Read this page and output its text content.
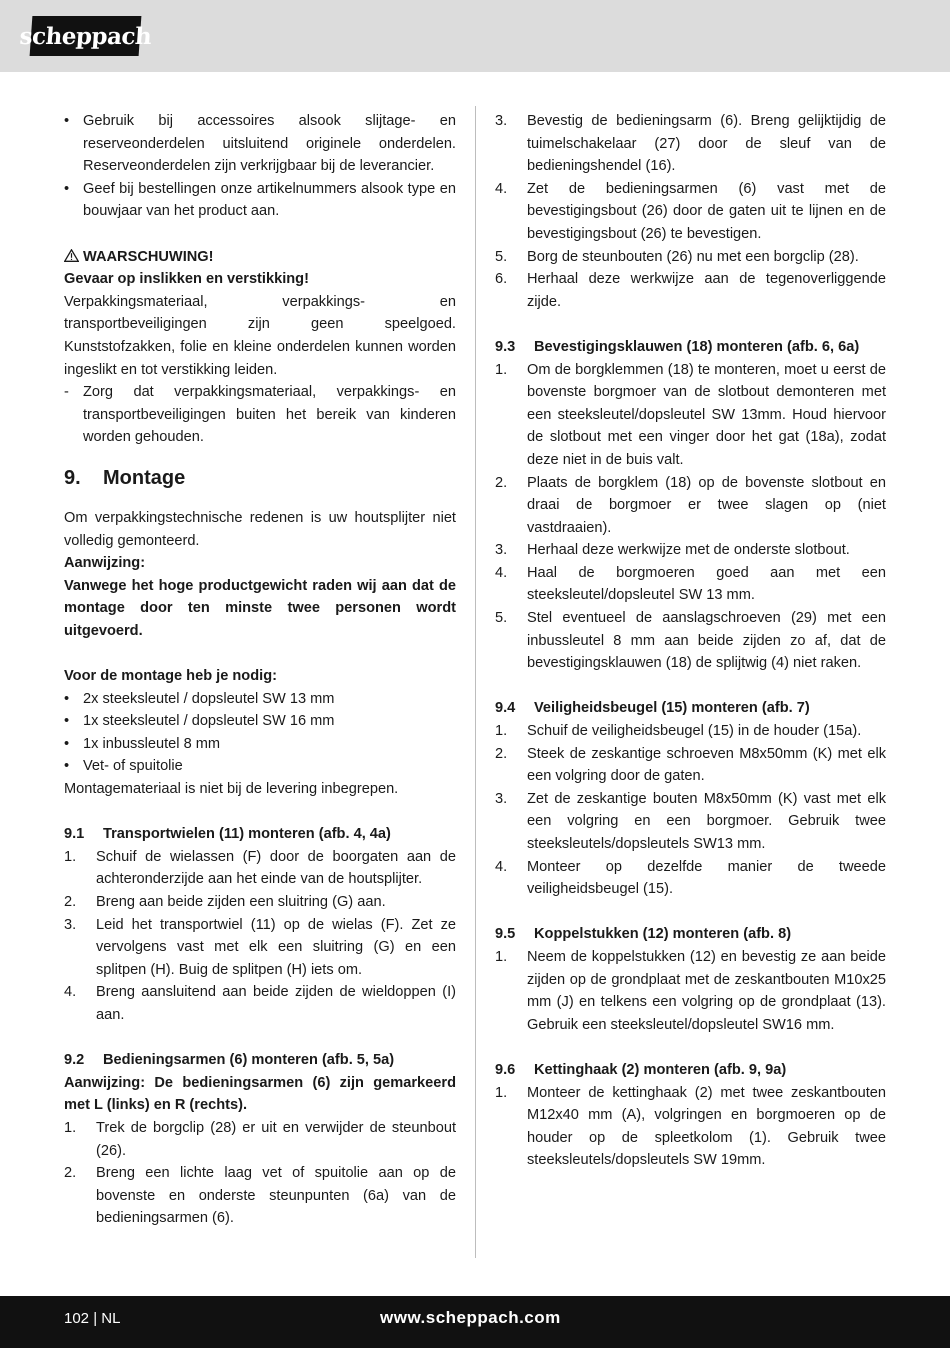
scheppach
• Gebruik bij accessoires alsook slijtage- en reserveonderdelen uitsluitend originele onderdelen. Reserveonderdelen zijn verkrijgbaar bij de leverancier.
• Geef bij bestellingen onze artikelnummers alsook type en bouwjaar van het product aan.
WAARSCHUWING!
Gevaar op inslikken en verstikking!

Verpakkingsmateriaal, verpakkings- en transportbeveiligingen zijn geen speelgoed. Kunststofzakken, folie en kleine onderdelen kunnen worden ingeslikt en tot verstikking leiden.

- Zorg dat verpakkingsmateriaal, verpakkings- en transportbeveiligingen buiten het bereik van kinderen worden gehouden.
9.	Montage

Om verpakkingstechnische redenen is uw houtsplijter niet volledig gemonteerd.

Aanwijzing:

Vanwege het hoge productgewicht raden wij aan dat de montage door ten minste twee personen wordt uitgevoerd.

Voor de montage heb je nodig:
• 2x steeksleutel / dopsleutel SW 13 mm
• 1x steeksleutel / dopsleutel SW 16 mm
• 1x inbussleutel 8 mm
• Vet- of spuitolie

Montagemateriaal is niet bij de levering inbegrepen.

9.1	Transportwielen (11) monteren (afb. 4, 4a)
1.	Schuif de wielassen (F) door de boorgaten aan de achteronderzijde aan het einde van de houtsplijter.
2.	Breng aan beide zijden een sluitring (G) aan.
3.	Leid het transportwiel (11) op de wielas (F). Zet ze vervolgens vast met elk een sluitring (G) en een splitpen (H). Buig de splitpen (H) iets om.
4.	Breng aansluitend aan beide zijden de wieldoppen (I) aan.
9.2	Bedieningsarmen (6) monteren (afb. 5, 5a)

Aanwijzing: De bedieningsarmen (6) zijn gemarkeerd met L (links) en R (rechts).

1.	Trek de borgclip (28) er uit en verwijder de steunbout (26).
2.	Breng een lichte laag vet of spuitolie aan op de bovenste en onderste steunpunten (6a) van de bedieningsarmen (6).
3.	Bevestig de bedieningsarm (6). Breng gelijktijdig de tuimelschakelaar (27) door de sleuf van de bedieningshendel (16).
4.	Zet de bedieningsarmen (6) vast met de bevestigingsbout (26) door de gaten uit te lijnen en de bevestigingsbout (26) te bevestigen.
5.	Borg de steunbouten (26) nu met een borgclip (28).
6.	Herhaal deze werkwijze aan de tegenoverliggende zijde.
9.3	Bevestigingsklauwen (18) monteren (afb. 6, 6a)
1.	Om de borgklemmen (18) te monteren, moet u eerst de bovenste borgmoer van de slotbout demonteren met een steeksleutel/dopsleutel SW 13mm. Houd hiervoor de slotbout met een vinger door het gat (18a), zodat deze niet in de buis valt.
2.	Plaats de borgklem (18) op de bovenste slotbout en draai de borgmoer er twee slagen op (niet vastdraaien).
3.	Herhaal deze werkwijze met de onderste slotbout.
4.	Haal de borgmoeren goed aan met een steeksleutel/dopsleutel SW 13 mm.
5.	Stel eventueel de aanslagschroeven (29) met een inbussleutel 8 mm aan beide zijden zo af, dat de bevestigingsklauwen (18) de splijtwig (4) niet raken.
9.4	Veiligheidsbeugel (15) monteren (afb. 7)
1.	Schuif de veiligheidsbeugel (15) in de houder (15a).
2.	Steek de zeskantige schroeven M8x50mm (K) met elk een volgring door de gaten.
3.	Zet de zeskantige bouten M8x50mm (K) vast met elk een volgring en een borgmoer. Gebruik twee steeksleutels/dopsleutels SW13 mm.
4.	Monteer op dezelfde manier de tweede veiligheidsbeugel (15).
9.5	Koppelstukken (12) monteren (afb. 8)
1.	Neem de koppelstukken (12) en bevestig ze aan beide zijden op de grondplaat met de zeskantbouten M10x25 mm (J) en telkens een volgring op de grondplaat (13). Gebruik een steeksleutel/dopsleutel SW16 mm.
9.6	Kettinghaak (2) monteren (afb. 9, 9a)
1.	Monteer de kettinghaak (2) met twee zeskantbouten M12x40 mm (A), volgringen en borgmoeren op de houder op de spleetkolom (1). Gebruik twee steeksleutels/dopsleutels SW 19mm.
102 | NL	www.scheppach.com
